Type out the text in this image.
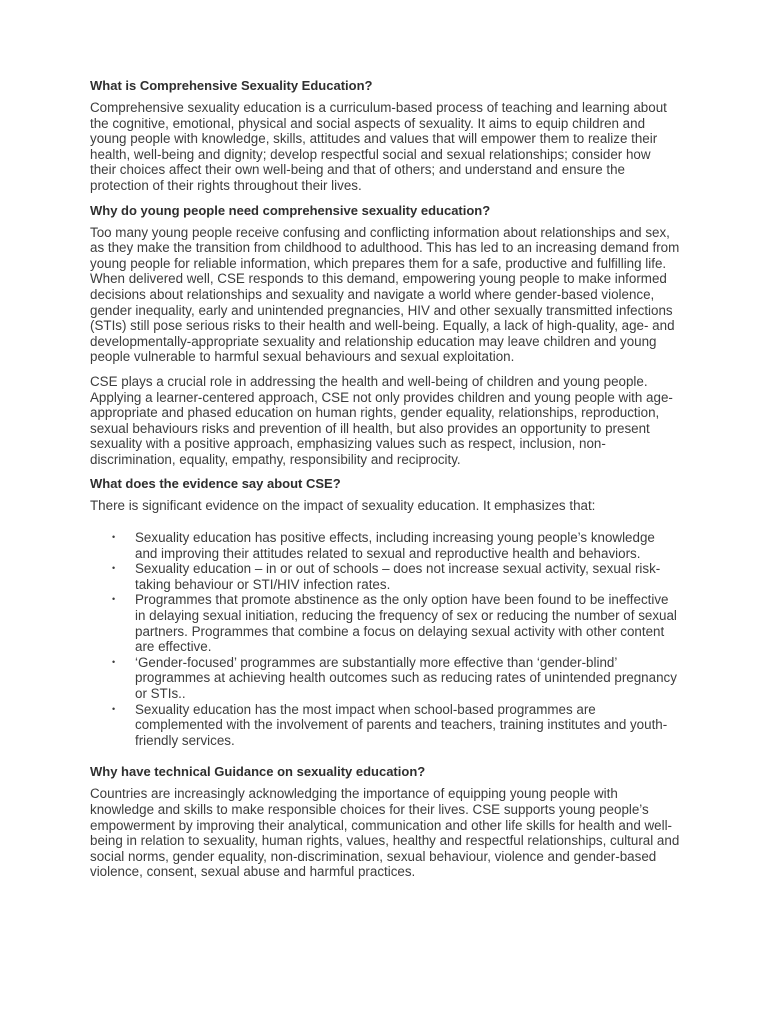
What is Comprehensive Sexuality Education?

Comprehensive sexuality education is a curriculum-based process of teaching and learning about the cognitive, emotional, physical and social aspects of sexuality. It aims to equip children and young people with knowledge, skills, attitudes and values that will empower them to realize their health, well-being and dignity; develop respectful social and sexual relationships; consider how their choices affect their own well-being and that of others; and understand and ensure the protection of their rights throughout their lives.

Why do young people need comprehensive sexuality education?

Too many young people receive confusing and conflicting information about relationships and sex, as they make the transition from childhood to adulthood. This has led to an increasing demand from young people for reliable information, which prepares them for a safe, productive and fulfilling life. When delivered well, CSE responds to this demand, empowering young people to make informed decisions about relationships and sexuality and navigate a world where gender-based violence, gender inequality, early and unintended pregnancies, HIV and other sexually transmitted infections (STIs) still pose serious risks to their health and well-being. Equally, a lack of high-quality, age- and developmentally-appropriate sexuality and relationship education may leave children and young people vulnerable to harmful sexual behaviours and sexual exploitation.

CSE plays a crucial role in addressing the health and well-being of children and young people. Applying a learner-centered approach, CSE not only provides children and young people with age-appropriate and phased education on human rights, gender equality, relationships, reproduction, sexual behaviours risks and prevention of ill health, but also provides an opportunity to present sexuality with a positive approach, emphasizing values such as respect, inclusion, non-discrimination, equality, empathy, responsibility and reciprocity.

What does the evidence say about CSE?

There is significant evidence on the impact of sexuality education. It emphasizes that:

• Sexuality education has positive effects, including increasing young people’s knowledge and improving their attitudes related to sexual and reproductive health and behaviors.
• Sexuality education – in or out of schools – does not increase sexual activity, sexual risk-taking behaviour or STI/HIV infection rates.
• Programmes that promote abstinence as the only option have been found to be ineffective in delaying sexual initiation, reducing the frequency of sex or reducing the number of sexual partners. Programmes that combine a focus on delaying sexual activity with other content are effective.
• ‘Gender-focused’ programmes are substantially more effective than ‘gender-blind’ programmes at achieving health outcomes such as reducing rates of unintended pregnancy or STIs..
• Sexuality education has the most impact when school-based programmes are complemented with the involvement of parents and teachers, training institutes and youth-friendly services.
Why have technical Guidance on sexuality education?

Countries are increasingly acknowledging the importance of equipping young people with knowledge and skills to make responsible choices for their lives. CSE supports young people’s empowerment by improving their analytical, communication and other life skills for health and well-being in relation to sexuality, human rights, values, healthy and respectful relationships, cultural and social norms, gender equality, non-discrimination, sexual behaviour, violence and gender-based violence, consent, sexual abuse and harmful practices.
